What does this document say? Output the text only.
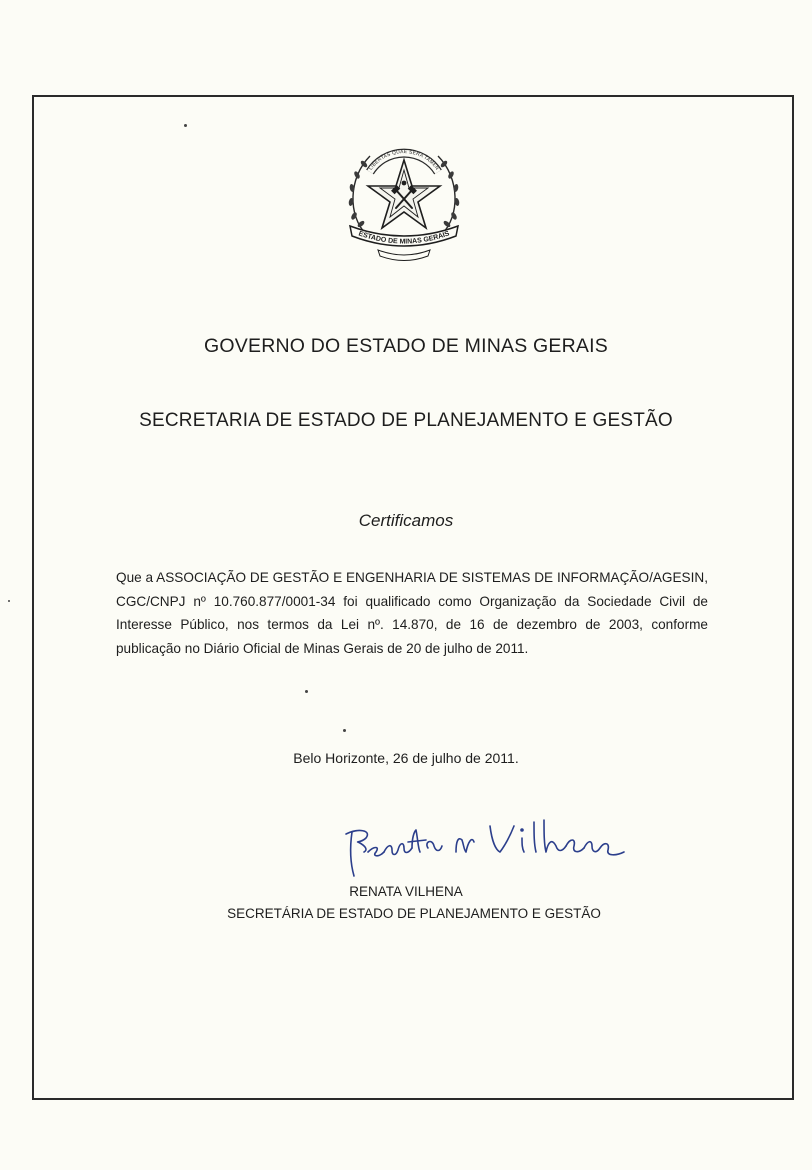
LIBERTAS QUAE SERA TAMEN
ESTADO DE MINAS GERAIS
GOVERNO DO ESTADO DE MINAS GERAIS
SECRETARIA DE ESTADO DE PLANEJAMENTO E GESTÃO
Certificamos
Que a ASSOCIAÇÃO DE GESTÃO E ENGENHARIA DE SISTEMAS DE INFORMAÇÃO/AGESIN, CGC/CNPJ nº 10.760.877/0001-34 foi qualificado como Organização da Sociedade Civil de Interesse Público, nos termos da Lei nº. 14.870, de 16 de dezembro de 2003, conforme publicação no Diário Oficial de Minas Gerais de 20 de julho de 2011.
Belo Horizonte, 26 de julho de 2011.
RENATA VILHENA
SECRETÁRIA DE ESTADO DE PLANEJAMENTO E GESTÃO
